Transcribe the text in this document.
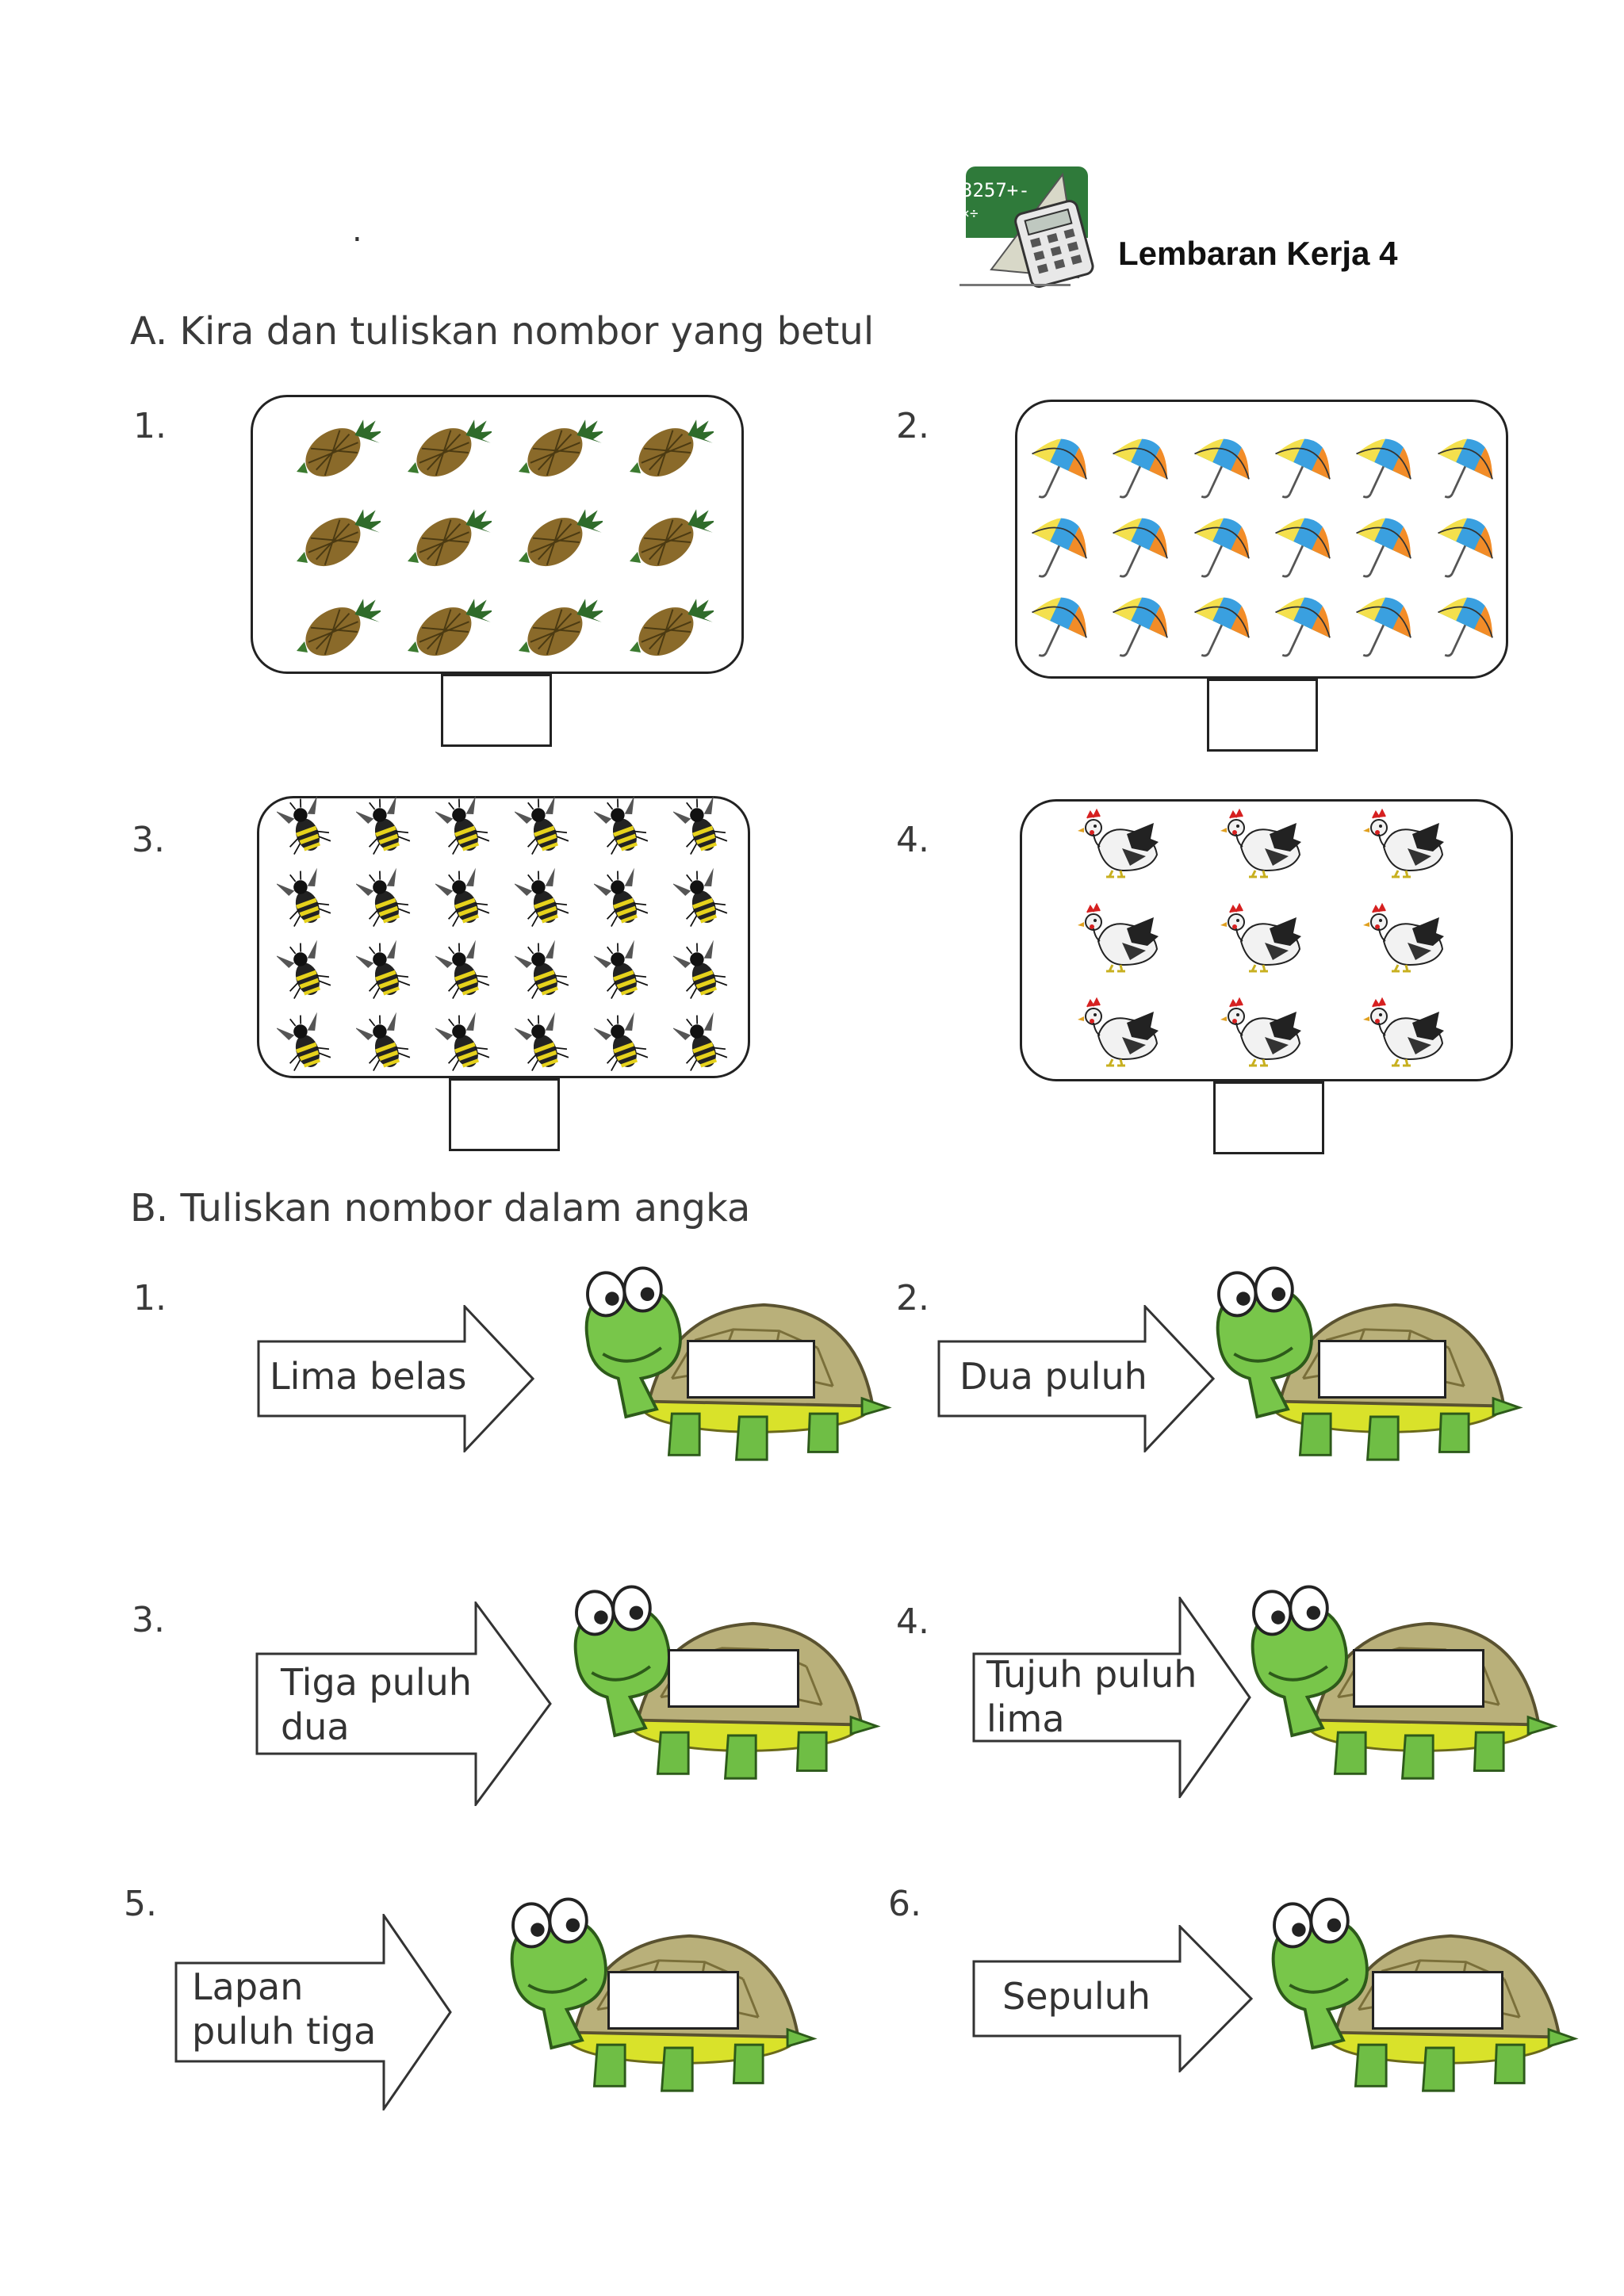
.
3257+-
×÷
Lembaran Kerja 4
A. Kira dan tuliskan nombor yang betul
1.	2.
3.	4.
B. Tuliskan nombor dalam angka
1.
Lima belas
2.
Dua puluh
3.
Tiga puluh
dua
4.
Tujuh puluh
lima
5.
Lapan
puluh tiga
6.
Sepuluh
